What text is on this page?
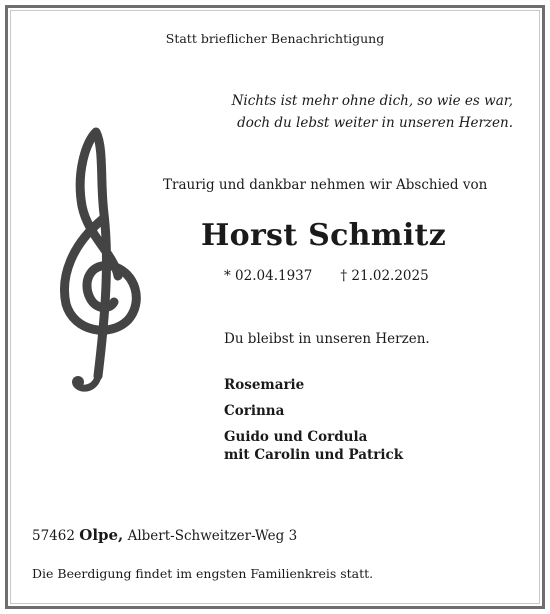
Statt brieflicher Benachrichtigung
Nichts ist mehr ohne dich, so wie es war,
doch du lebst weiter in unseren Herzen.
Traurig und dankbar nehmen wir Abschied von
Horst Schmitz
* 02.04.1937 † 21.02.2025
Du bleibst in unseren Herzen.
Rosemarie
Corinna
Guido und Cordula
mit Carolin und Patrick
57462 Olpe, Albert-Schweitzer-Weg 3
Die Beerdigung findet im engsten Familienkreis statt.
